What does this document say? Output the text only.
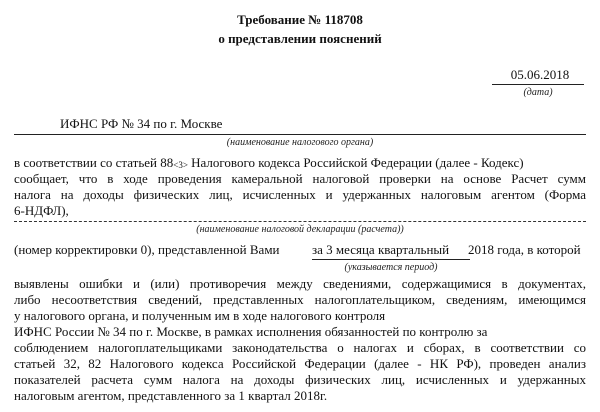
Требование № 118708
о представлении пояснений
05.06.2018
(дата)
ИФНС РФ № 34 по г. Москве
(наименование налогового органа)
в соответствии со статьей $88_{<3>}$ Налогового кодекса Российской Федерации (далее - Кодекс)
сообщает, что в ходе проведения камеральной налоговой проверки на основе Расчет сумм
налога на доходы физических лиц, исчисленных и удержанных налоговым агентом (Форма
6-НДФЛ),
(наименование налоговой декларации (расчета))
(номер корректировки 0), представленной Вами за 3 месяца квартальный 2018 года, в которой
(указывается период)
выявлены ошибки и (или) противоречия между сведениями, содержащимися в документах,
либо несоответствия сведений, представленных налогоплательщиком, сведениям, имеющимся
у налогового органа, и полученным им в ходе налогового контроля
ИФНС России № 34 по г. Москве, в рамках исполнения обязанностей по контролю за
соблюдением налогоплательщиками законодательства о налогах и сборах, в соответствии со
статьей 32, 82 Налогового кодекса Российской Федерации (далее - НК РФ), проведен анализ
показателей расчета сумм налога на доходы физических лиц, исчисленных и удержанных
налоговым агентом, представленного за 1 квартал 2018г.
